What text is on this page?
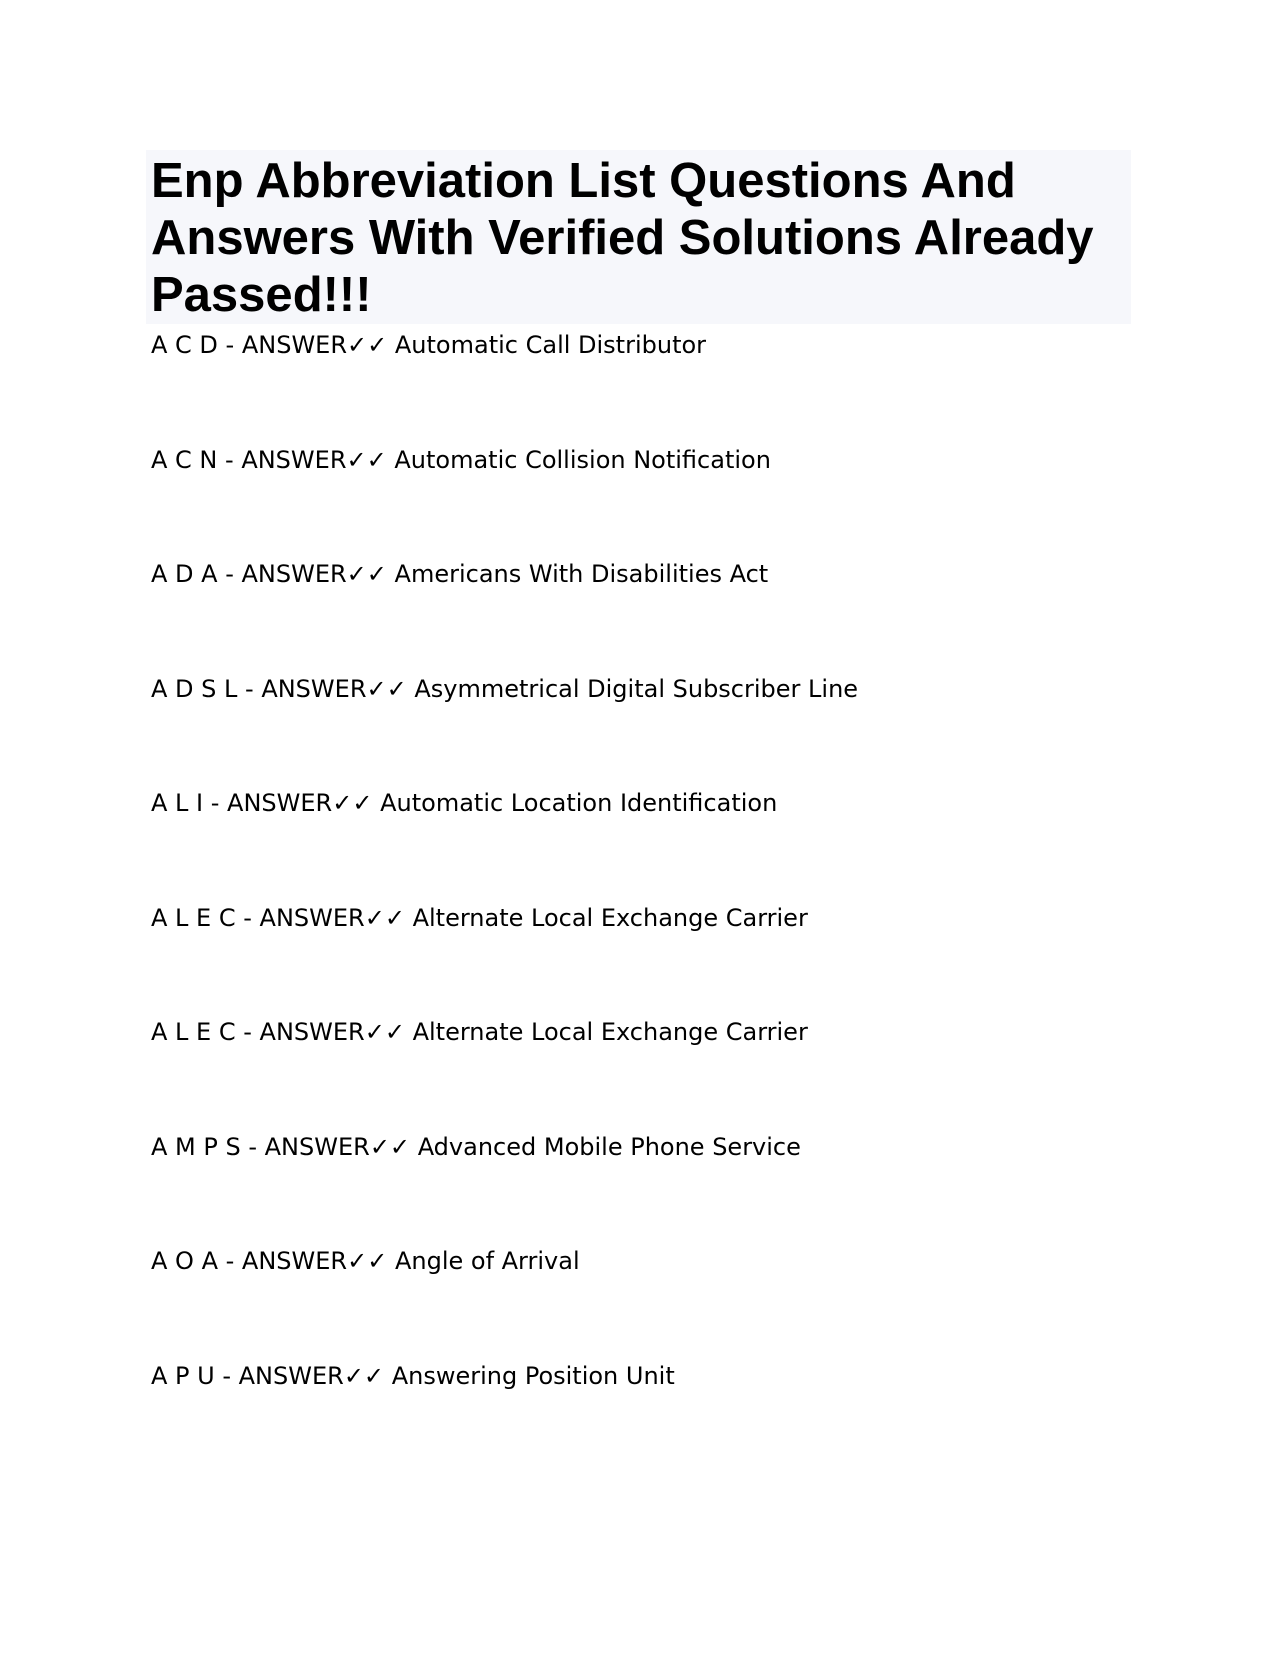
Enp Abbreviation List Questions And Answers With Verified Solutions Already Passed!!!
A C D - ANSWER✓✓ Automatic Call Distributor
A C N - ANSWER✓✓ Automatic Collision Notification
A D A - ANSWER✓✓ Americans With Disabilities Act
A D S L - ANSWER✓✓ Asymmetrical Digital Subscriber Line
A L I - ANSWER✓✓ Automatic Location Identification
A L E C - ANSWER✓✓ Alternate Local Exchange Carrier
A L E C - ANSWER✓✓ Alternate Local Exchange Carrier
A M P S - ANSWER✓✓ Advanced Mobile Phone Service
A O A - ANSWER✓✓ Angle of Arrival
A P U - ANSWER✓✓ Answering Position Unit
